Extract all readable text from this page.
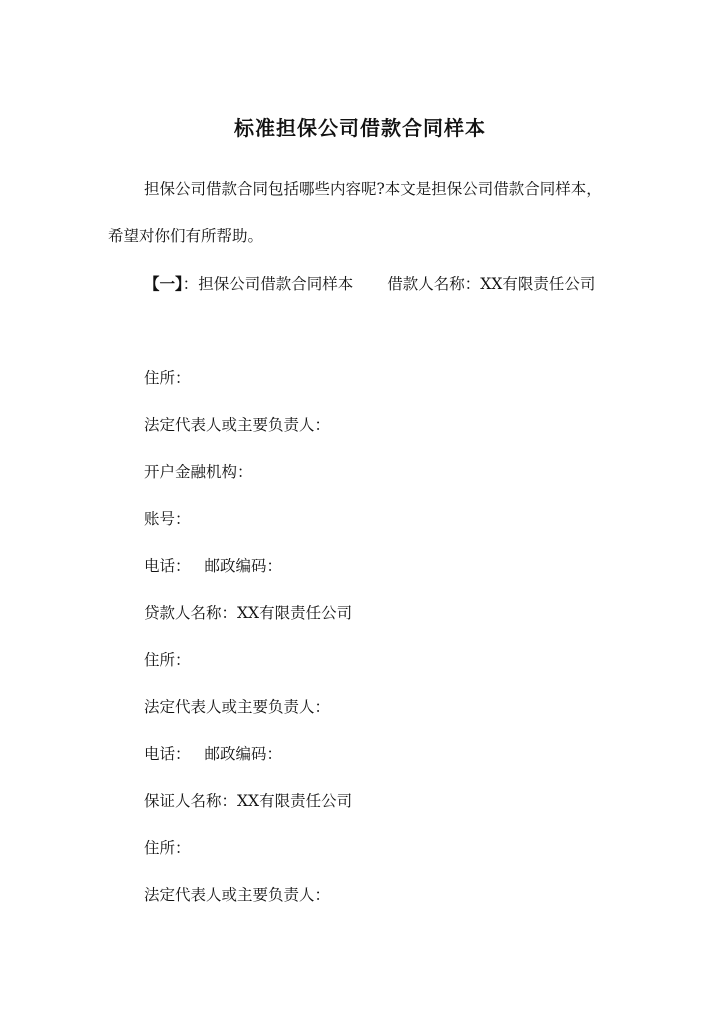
标准担保公司借款合同样本

担保公司借款合同包括哪些内容呢?本文是担保公司借款合同样本，希望对你们有所帮助。

【一】：担保公司借款合同样本 借款人名称：XX有限责任公司

住所：

法定代表人或主要负责人：

开户金融机构：

账号：

电话： 邮政编码：

贷款人名称：XX有限责任公司

住所：

法定代表人或主要负责人：

电话： 邮政编码：

保证人名称：XX有限责任公司

住所：

法定代表人或主要负责人：
